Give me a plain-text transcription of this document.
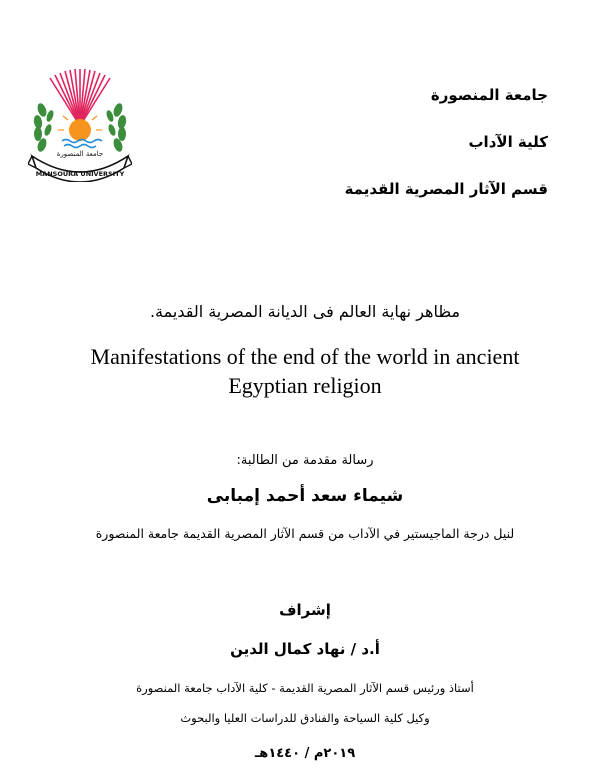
MANSOURA UNIVERSITY
جامعة المنصورة
جامعة المنصورة
كلية الآداب
قسم الآثار المصرية القديمة
مظاهر نهاية العالم فى الديانة المصرية القديمة.
Manifestations of the end of the world in ancient
Egyptian religion
رسالة مقدمة من الطالبة:
شيماء سعد أحمد إمبابى
لنيل درجة الماجيستير في الآداب من قسم الآثار المصرية القديمة جامعة المنصورة
إشراف
أ.د / نهاد كمال الدين
أستاذ ورئيس قسم الآثار المصرية القديمة - كلية الآداب جامعة المنصورة
وكيل كلية السياحة والفنادق للدراسات العليا والبحوث
٢٠١٩م / ١٤٤٠هـ
